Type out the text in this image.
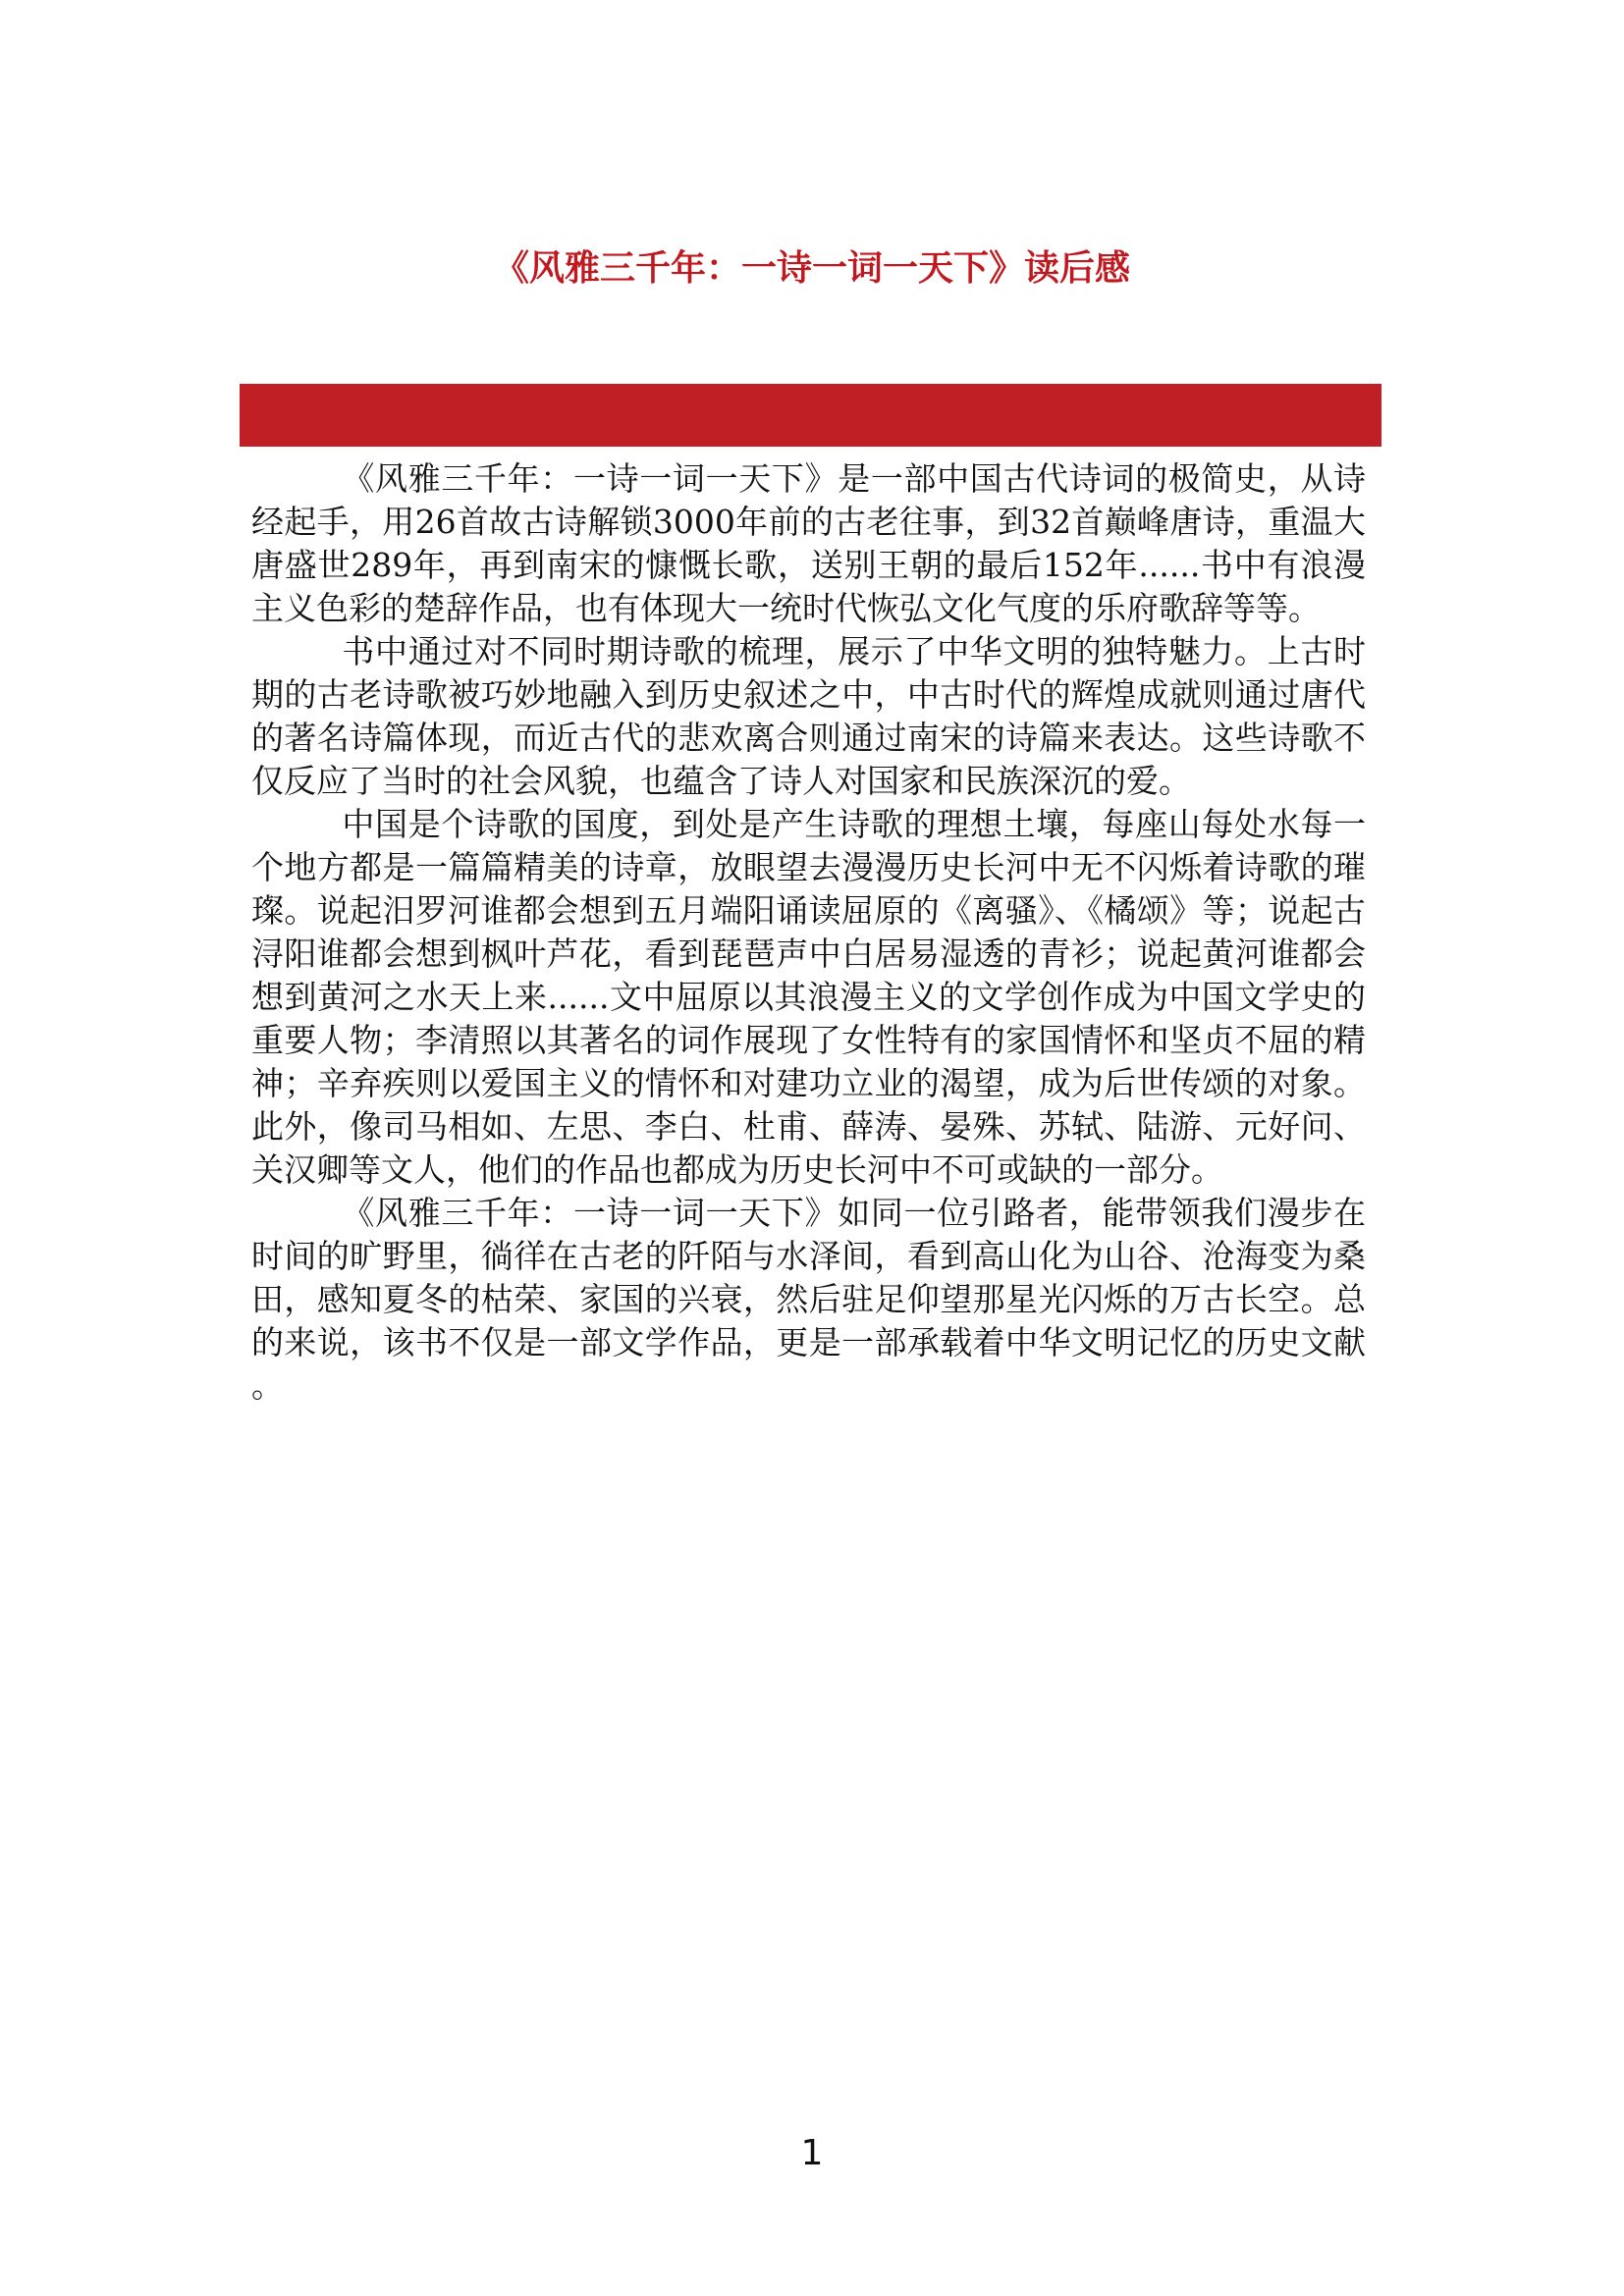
《风雅三千年：一诗一词一天下》读后感

《风雅三千年：一诗一词一天下》是一部中国古代诗词的极简史，从诗经起手，用26首故古诗解锁3000年前的古老往事，到32首巅峰唐诗，重温大唐盛世289年，再到南宋的慷慨长歌，送别王朝的最后152年......书中有浪漫主义色彩的楚辞作品，也有体现大一统时代恢弘文化气度的乐府歌辞等等。

书中通过对不同时期诗歌的梳理，展示了中华文明的独特魅力。上古时期的古老诗歌被巧妙地融入到历史叙述之中，中古时代的辉煌成就则通过唐代的著名诗篇体现，而近古代的悲欢离合则通过南宋的诗篇来表达。这些诗歌不仅反应了当时的社会风貌，也蕴含了诗人对国家和民族深沉的爱。

中国是个诗歌的国度，到处是产生诗歌的理想土壤，每座山每处水每一个地方都是一篇篇精美的诗章，放眼望去漫漫历史长河中无不闪烁着诗歌的璀璨。说起汨罗河谁都会想到五月端阳诵读屈原的《离骚》、《橘颂》等；说起古浔阳谁都会想到枫叶芦花，看到琵琶声中白居易湿透的青衫；说起黄河谁都会想到黄河之水天上来......文中屈原以其浪漫主义的文学创作成为中国文学史的重要人物；李清照以其著名的词作展现了女性特有的家国情怀和坚贞不屈的精神；辛弃疾则以爱国主义的情怀和对建功立业的渴望，成为后世传颂的对象。此外，像司马相如、左思、李白、杜甫、薛涛、晏殊、苏轼、陆游、元好问、关汉卿等文人，他们的作品也都成为历史长河中不可或缺的一部分。

《风雅三千年：一诗一词一天下》如同一位引路者，能带领我们漫步在时间的旷野里，徜徉在古老的阡陌与水泽间，看到高山化为山谷、沧海变为桑田，感知夏冬的枯荣、家国的兴衰，然后驻足仰望那星光闪烁的万古长空。总的来说，该书不仅是一部文学作品，更是一部承载着中华文明记忆的历史文献。

1
